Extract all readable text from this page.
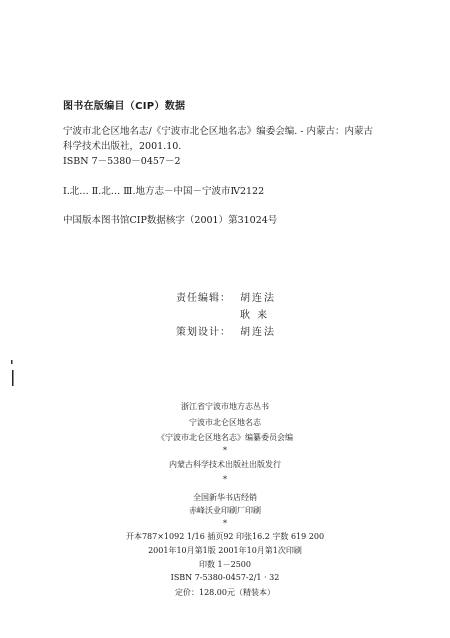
图书在版编目（CIP）数据
宁波市北仑区地名志/《宁波市北仑区地名志》编委会编. - 内蒙古：内蒙古
科学技术出版社，2001.10.
ISBN 7－5380－0457－2
Ⅰ.北… Ⅱ.北… Ⅲ.地方志－中国－宁波市Ⅳ2122
中国版本图书馆CIP数据核字（2001）第31024号
责任编辑： 胡连法
耿 来
策划设计： 胡连法
浙江省宁波市地方志丛书
宁波市北仑区地名志
《宁波市北仑区地名志》编纂委员会编
*
内蒙古科学技术出版社出版发行
*
全国新华书店经销
赤峰沃业印刷厂印刷
*
开本787×1092 1/16 插页92 印张16.2 字数 619 200
2001年10月第1版 2001年10月第1次印刷
印数 1－2500
ISBN 7-5380-0457-2/1 · 32
定价：128.00元（精装本）
